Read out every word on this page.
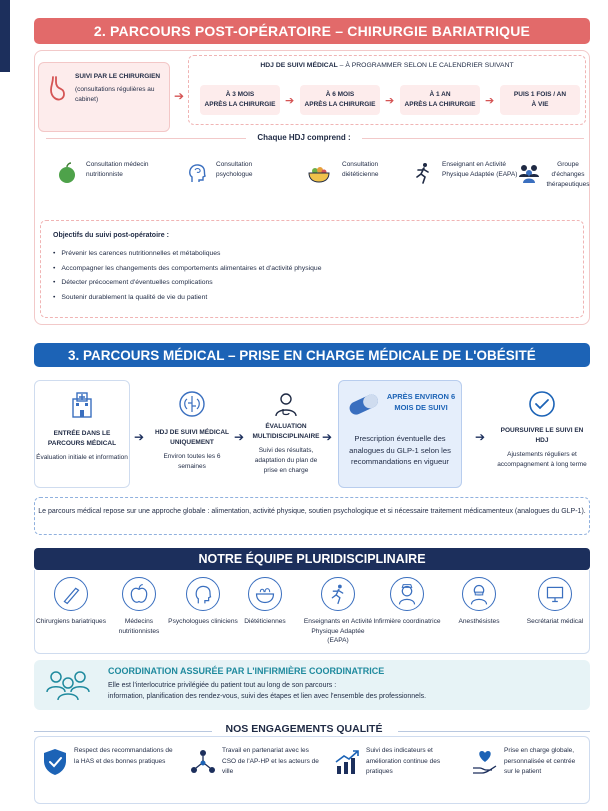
2. PARCOURS POST-OPÉRATOIRE – CHIRURGIE BARIATRIQUE
SUIVI PAR LE CHIRURGIEN
(consultations régulières au cabinet)	➔
HDJ DE SUIVI MÉDICAL – À PROGRAMMER SELON LE CALENDRIER SUIVANT
À 3 MOIS
APRÈS LA CHIRURGIE ➔
À 6 MOIS
APRÈS LA CHIRURGIE ➔
À 1 AN
APRÈS LA CHIRURGIE ➔
PUIS 1 FOIS / AN
À VIE
Chaque HDJ comprend :
Consultation médecin nutritionniste
Consultation psychologue
Consultation diététicienne
Enseignant en Activité Physique Adaptée (EAPA)
Groupe d'échanges thérapeutiques
Objectifs du suivi post-opératoire :
• Prévenir les carences nutritionnelles et métaboliques
• Accompagner les changements des comportements alimentaires et d'activité physique
• Détecter précocement d'éventuelles complications
• Soutenir durablement la qualité de vie du patient
3. PARCOURS MÉDICAL – PRISE EN CHARGE MÉDICALE DE L'OBÉSITÉ
ENTRÉE DANS LE PARCOURS MÉDICAL
Évaluation initiale et information
➔	HDJ DE SUIVI MÉDICAL UNIQUEMENT
Environ toutes les 6 semaines
➔
ÉVALUATION MULTIDISCIPLINAIRE
Suivi des résultats, adaptation du plan de prise en charge
➔
APRÈS ENVIRON 6 MOIS DE SUIVI
Prescription éventuelle des analogues du GLP-1 selon les recommandations en vigueur
➔	POURSUIVRE LE SUIVI EN HDJ
Ajustements réguliers et accompagnement à long terme
Le parcours médical repose sur une approche globale : alimentation, activité physique, soutien psychologique et si nécessaire traitement médicamenteux (analogues du GLP-1).
NOTRE ÉQUIPE PLURIDISCIPLINAIRE
Chirurgiens bariatriques	Médecins nutritionnistes
Psychologues cliniciens Diététiciennes	Enseignants en Activité Physique Adaptée (EAPA)
Infirmière coordinatrice	Anesthésistes	Secrétariat médical
COORDINATION ASSURÉE PAR L'INFIRMIÈRE COORDINATRICE
Elle est l'interlocutrice privilégiée du patient tout au long de son parcours :
information, planification des rendez-vous, suivi des étapes et lien avec l'ensemble des professionnels.
NOS ENGAGEMENTS QUALITÉ
Respect des recommandations de la HAS et des bonnes pratiques
Travail en partenariat avec les CSO de l'AP-HP et les acteurs de ville
Suivi des indicateurs et amélioration continue des pratiques
Prise en charge globale, personnalisée et centrée sur le patient
